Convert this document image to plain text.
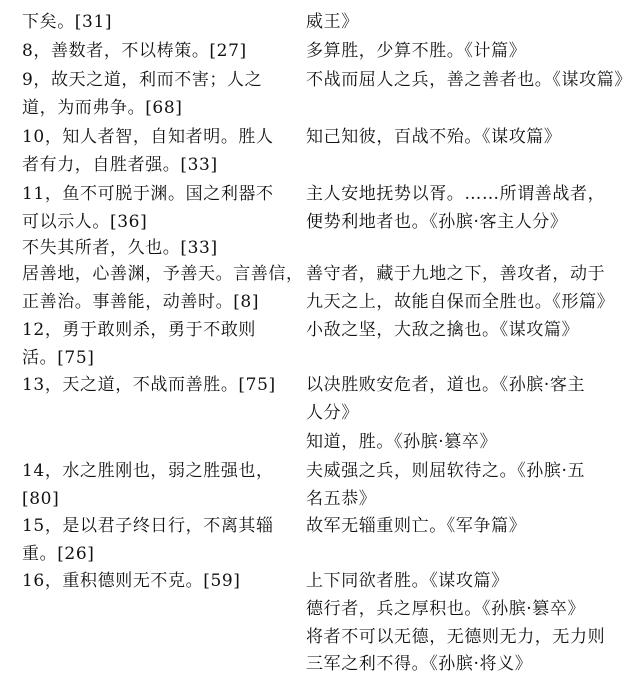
下矣。[31]
8，善数者，不以梼策。[27]
9，故天之道，利而不害；人之
道，为而弗争。[68]
10，知人者智，自知者明。胜人
者有力，自胜者强。[33]
11，鱼不可脱于渊。国之利器不
可以示人。[36]
不失其所者，久也。[33]
居善地，心善渊，予善天。言善信，
正善治。事善能，动善时。[8]
12，勇于敢则杀，勇于不敢则
活。[75]
13，天之道，不战而善胜。[75]
14，水之胜刚也，弱之胜强也，
[80]
15，是以君子终日行，不离其辎
重。[26]
16，重积德则无不克。[59]
威王》
多算胜，少算不胜。《计篇》
不战而屈人之兵，善之善者也。《谋攻篇》
知己知彼，百战不殆。《谋攻篇》
主人安地抚势以胥。……所谓善战者，
便势利地者也。《孙膑·客主人分》
善守者，藏于九地之下，善攻者，动于
九天之上，故能自保而全胜也。《形篇》
小敌之坚，大敌之擒也。《谋攻篇》
以决胜败安危者，道也。《孙膑·客主
人分》
知道，胜。《孙膑·篡卒》
夫威强之兵，则屈软待之。《孙膑·五
名五恭》
故军无辎重则亡。《军争篇》
上下同欲者胜。《谋攻篇》
德行者，兵之厚积也。《孙膑·篡卒》
将者不可以无德，无德则无力，无力则
三军之利不得。《孙膑·将义》
